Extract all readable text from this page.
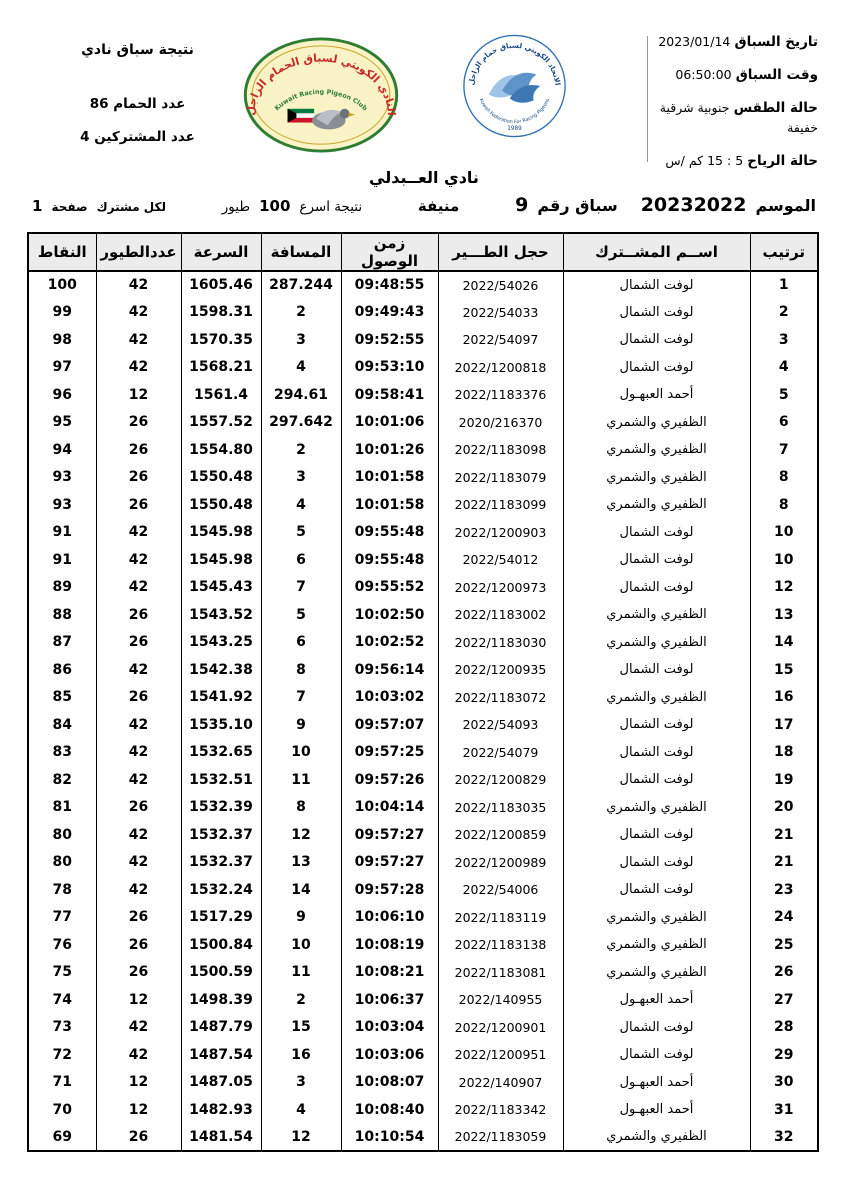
تاريخ السباق 2023/01/14
وقت السباق 06:50:00
حالة الطقس جنوبية شرقية خفيفة
حالة الرياح 5 : 15 كم /س
الاتحاد الكويتي لسباق حمام الزاجل
Kuwait Federation For Racing Pigeons
1989
النادي الكويتي لسباق الحمام الزاجل
Kuwait Racing Pigeon Club
نتيجة سباق نادي
عدد الحمام 86
عدد المشتركين 4
نادي العــبدلي
الموسم
20232022
سباق رقم
9
منيفة
نتيجة اسرع
100
طيور
لكل مشترك
صفحة
1
ترتيب	اســم المشــترك	حجل الطـــير	زمن الوصول	المسافة	السرعة	عددالطيور	النقاط
1	لوفت الشمال	2022/54026	09:48:55	287.244	1605.46	42	100
2	لوفت الشمال	2022/54033	09:49:43	2	1598.31	42	99
3	لوفت الشمال	2022/54097	09:52:55	3	1570.35	42	98
4	لوفت الشمال	2022/1200818	09:53:10	4	1568.21	42	97
5	أحمد العبهـول	2022/1183376	09:58:41	294.61	1561.4	12	96
6	الظفيري والشمري	2020/216370	10:01:06	297.642	1557.52	26	95
7	الظفيري والشمري	2022/1183098	10:01:26	2	1554.80	26	94
8	الظفيري والشمري	2022/1183079	10:01:58	3	1550.48	26	93
8	الظفيري والشمري	2022/1183099	10:01:58	4	1550.48	26	93
10	لوفت الشمال	2022/1200903	09:55:48	5	1545.98	42	91
10	لوفت الشمال	2022/54012	09:55:48	6	1545.98	42	91
12	لوفت الشمال	2022/1200973	09:55:52	7	1545.43	42	89
13	الظفيري والشمري	2022/1183002	10:02:50	5	1543.52	26	88
14	الظفيري والشمري	2022/1183030	10:02:52	6	1543.25	26	87
15	لوفت الشمال	2022/1200935	09:56:14	8	1542.38	42	86
16	الظفيري والشمري	2022/1183072	10:03:02	7	1541.92	26	85
17	لوفت الشمال	2022/54093	09:57:07	9	1535.10	42	84
18	لوفت الشمال	2022/54079	09:57:25	10	1532.65	42	83
19	لوفت الشمال	2022/1200829	09:57:26	11	1532.51	42	82
20	الظفيري والشمري	2022/1183035	10:04:14	8	1532.39	26	81
21	لوفت الشمال	2022/1200859	09:57:27	12	1532.37	42	80
21	لوفت الشمال	2022/1200989	09:57:27	13	1532.37	42	80
23	لوفت الشمال	2022/54006	09:57:28	14	1532.24	42	78
24	الظفيري والشمري	2022/1183119	10:06:10	9	1517.29	26	77
25	الظفيري والشمري	2022/1183138	10:08:19	10	1500.84	26	76
26	الظفيري والشمري	2022/1183081	10:08:21	11	1500.59	26	75
27	أحمد العبهـول	2022/140955	10:06:37	2	1498.39	12	74
28	لوفت الشمال	2022/1200901	10:03:04	15	1487.79	42	73
29	لوفت الشمال	2022/1200951	10:03:06	16	1487.54	42	72
30	أحمد العبهـول	2022/140907	10:08:07	3	1487.05	12	71
31	أحمد العبهـول	2022/1183342	10:08:40	4	1482.93	12	70
32	الظفيري والشمري	2022/1183059	10:10:54	12	1481.54	26	69
